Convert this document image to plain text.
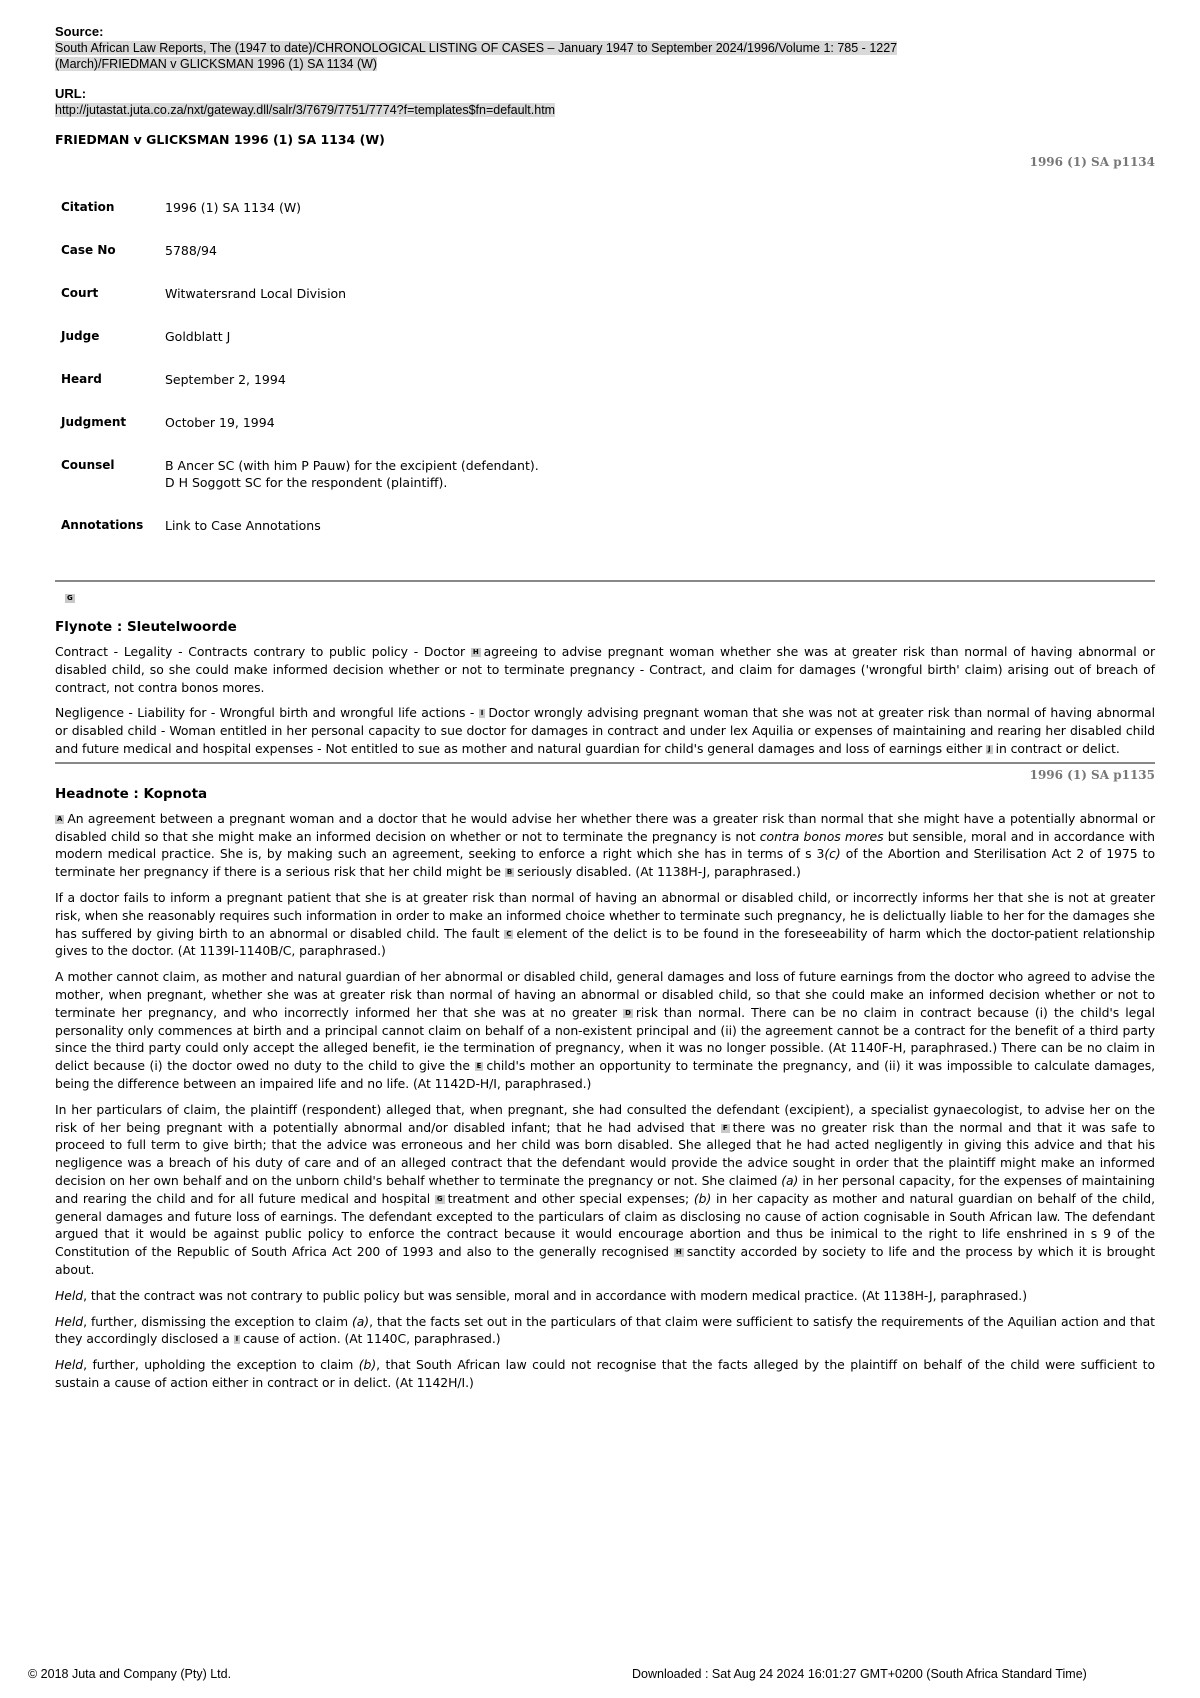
Source:

South African Law Reports, The (1947 to date)/CHRONOLOGICAL LISTING OF CASES – January 1947 to September 2024/1996/Volume 1: 785 - 1227
(March)/FRIEDMAN v GLICKSMAN 1996 (1) SA 1134 (W)

URL:

http://jutastat.juta.co.za/nxt/gateway.dll/salr/3/7679/7751/7774?f=templates$fn=default.htm

FRIEDMAN v GLICKSMAN 1996 (1) SA 1134 (W)
1996 (1) SA p1134
Citation	1996 (1) SA 1134 (W)
Case No	5788/94
Court	Witwatersrand Local Division
Judge	Goldblatt J
Heard	September 2, 1994
Judgment	October 19, 1994
Counsel	B Ancer SC (with him P Pauw) for the excipient (defendant).
D H Soggott SC for the respondent (plaintiff).
Annotations	Link to Case Annotations
G

Flynote : Sleutelwoorde

Contract - Legality - Contracts contrary to public policy - Doctor H agreeing to advise pregnant woman whether she was at greater risk than normal of having abnormal or disabled child, so she could make informed decision whether or not to terminate pregnancy - Contract, and claim for damages ('wrongful birth' claim) arising out of breach of contract, not contra bonos mores.

Negligence - Liability for - Wrongful birth and wrongful life actions - I Doctor wrongly advising pregnant woman that she was not at greater risk than normal of having abnormal or disabled child - Woman entitled in her personal capacity to sue doctor for damages in contract and under lex Aquilia or expenses of maintaining and rearing her disabled child and future medical and hospital expenses - Not entitled to sue as mother and natural guardian for child's general damages and loss of earnings either J in contract or delict.

1996 (1) SA p1135

Headnote : Kopnota

A An agreement between a pregnant woman and a doctor that he would advise her whether there was a greater risk than normal that she might have a potentially abnormal or disabled child so that she might make an informed decision on whether or not to terminate the pregnancy is not contra bonos mores but sensible, moral and in accordance with modern medical practice. She is, by making such an agreement, seeking to enforce a right which she has in terms of s 3(c) of the Abortion and Sterilisation Act 2 of 1975 to terminate her pregnancy if there is a serious risk that her child might be B seriously disabled. (At 1138H-J, paraphrased.)

If a doctor fails to inform a pregnant patient that she is at greater risk than normal of having an abnormal or disabled child, or incorrectly informs her that she is not at greater risk, when she reasonably requires such information in order to make an informed choice whether to terminate such pregnancy, he is delictually liable to her for the damages she has suffered by giving birth to an abnormal or disabled child. The fault C element of the delict is to be found in the foreseeability of harm which the doctor-patient relationship gives to the doctor. (At 1139I-1140B/C, paraphrased.)

A mother cannot claim, as mother and natural guardian of her abnormal or disabled child, general damages and loss of future earnings from the doctor who agreed to advise the mother, when pregnant, whether she was at greater risk than normal of having an abnormal or disabled child, so that she could make an informed decision whether or not to terminate her pregnancy, and who incorrectly informed her that she was at no greater D risk than normal. There can be no claim in contract because (i) the child's legal personality only commences at birth and a principal cannot claim on behalf of a non-existent principal and (ii) the agreement cannot be a contract for the benefit of a third party since the third party could only accept the alleged benefit, ie the termination of pregnancy, when it was no longer possible. (At 1140F-H, paraphrased.) There can be no claim in delict because (i) the doctor owed no duty to the child to give the E child's mother an opportunity to terminate the pregnancy, and (ii) it was impossible to calculate damages, being the difference between an impaired life and no life. (At 1142D-H/I, paraphrased.)

In her particulars of claim, the plaintiff (respondent) alleged that, when pregnant, she had consulted the defendant (excipient), a specialist gynaecologist, to advise her on the risk of her being pregnant with a potentially abnormal and/or disabled infant; that he had advised that F there was no greater risk than the normal and that it was safe to proceed to full term to give birth; that the advice was erroneous and her child was born disabled. She alleged that he had acted negligently in giving this advice and that his negligence was a breach of his duty of care and of an alleged contract that the defendant would provide the advice sought in order that the plaintiff might make an informed decision on her own behalf and on the unborn child's behalf whether to terminate the pregnancy or not. She claimed (a) in her personal capacity, for the expenses of maintaining and rearing the child and for all future medical and hospital G treatment and other special expenses; (b) in her capacity as mother and natural guardian on behalf of the child, general damages and future loss of earnings. The defendant excepted to the particulars of claim as disclosing no cause of action cognisable in South African law. The defendant argued that it would be against public policy to enforce the contract because it would encourage abortion and thus be inimical to the right to life enshrined in s 9 of the Constitution of the Republic of South Africa Act 200 of 1993 and also to the generally recognised H sanctity accorded by society to life and the process by which it is brought about.

Held, that the contract was not contrary to public policy but was sensible, moral and in accordance with modern medical practice. (At 1138H-J, paraphrased.)

Held, further, dismissing the exception to claim (a), that the facts set out in the particulars of that claim were sufficient to satisfy the requirements of the Aquilian action and that they accordingly disclosed a I cause of action. (At 1140C, paraphrased.)

Held, further, upholding the exception to claim (b), that South African law could not recognise that the facts alleged by the plaintiff on behalf of the child were sufficient to sustain a cause of action either in contract or in delict. (At 1142H/I.)

© 2018 Juta and Company (Pty) Ltd.	Downloaded : Sat Aug 24 2024 16:01:27 GMT+0200 (South Africa Standard Time)
